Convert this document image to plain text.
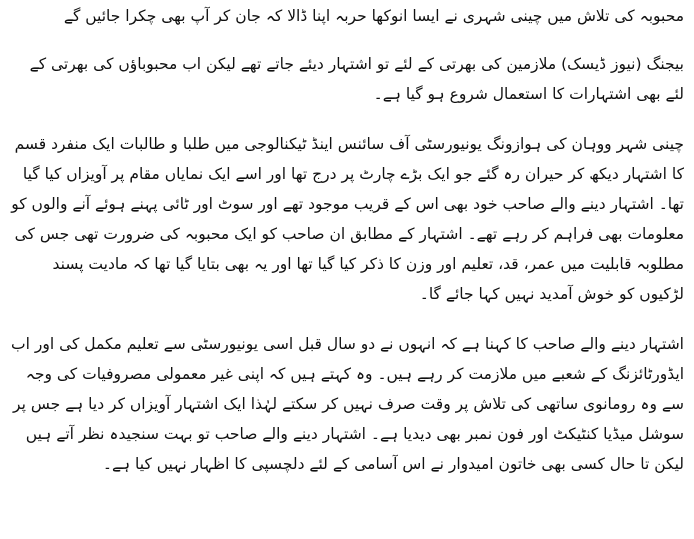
محبوبہ کی تلاش میں چینی شہری نے ایسا انوکھا حربہ اپنا ڈالا کہ جان کر آپ بھی چکرا جائیں گے

بیجنگ (نیوز ڈیسک) ملازمین کی بھرتی کے لئے تو اشتہار دیئے جاتے تھے لیکن اب محبوباؤں کی بھرتی کے لئے بھی اشتہارات کا استعمال شروع ہو گیا ہے۔

چینی شہر ووہان کی ہوازونگ یونیورسٹی آف سائنس اینڈ ٹیکنالوجی میں طلبا و طالبات ایک منفرد قسم کا اشتہار دیکھ کر حیران رہ گئے جو ایک بڑے چارٹ پر درج تھا اور اسے ایک نمایاں مقام پر آویزاں کیا گیا تھا۔ اشتہار دینے والے صاحب خود بھی اس کے قریب موجود تھے اور سوٹ اور ٹائی پہنے ہوئے آنے والوں کو معلومات بھی فراہم کر رہے تھے۔ اشتہار کے مطابق ان صاحب کو ایک محبوبہ کی ضرورت تھی جس کی مطلوبہ قابلیت میں عمر، قد، تعلیم اور وزن کا ذکر کیا گیا تھا اور یہ بھی بتایا گیا تھا کہ مادیت پسند لڑکیوں کو خوش آمدید نہیں کہا جائے گا۔

اشتہار دینے والے صاحب کا کہنا ہے کہ انہوں نے دو سال قبل اسی یونیورسٹی سے تعلیم مکمل کی اور اب ایڈورٹائزنگ کے شعبے میں ملازمت کر رہے ہیں۔ وہ کہتے ہیں کہ اپنی غیر معمولی مصروفیات کی وجہ سے وہ رومانوی ساتھی کی تلاش پر وقت صرف نہیں کر سکتے لہٰذا ایک اشتہار آویزاں کر دیا ہے جس پر سوشل میڈیا کنٹیکٹ اور فون نمبر بھی دیدیا ہے۔ اشتہار دینے والے صاحب تو بہت سنجیدہ نظر آتے ہیں لیکن تا حال کسی بھی خاتون امیدوار نے اس آسامی کے لئے دلچسپی کا اظہار نہیں کیا ہے۔
